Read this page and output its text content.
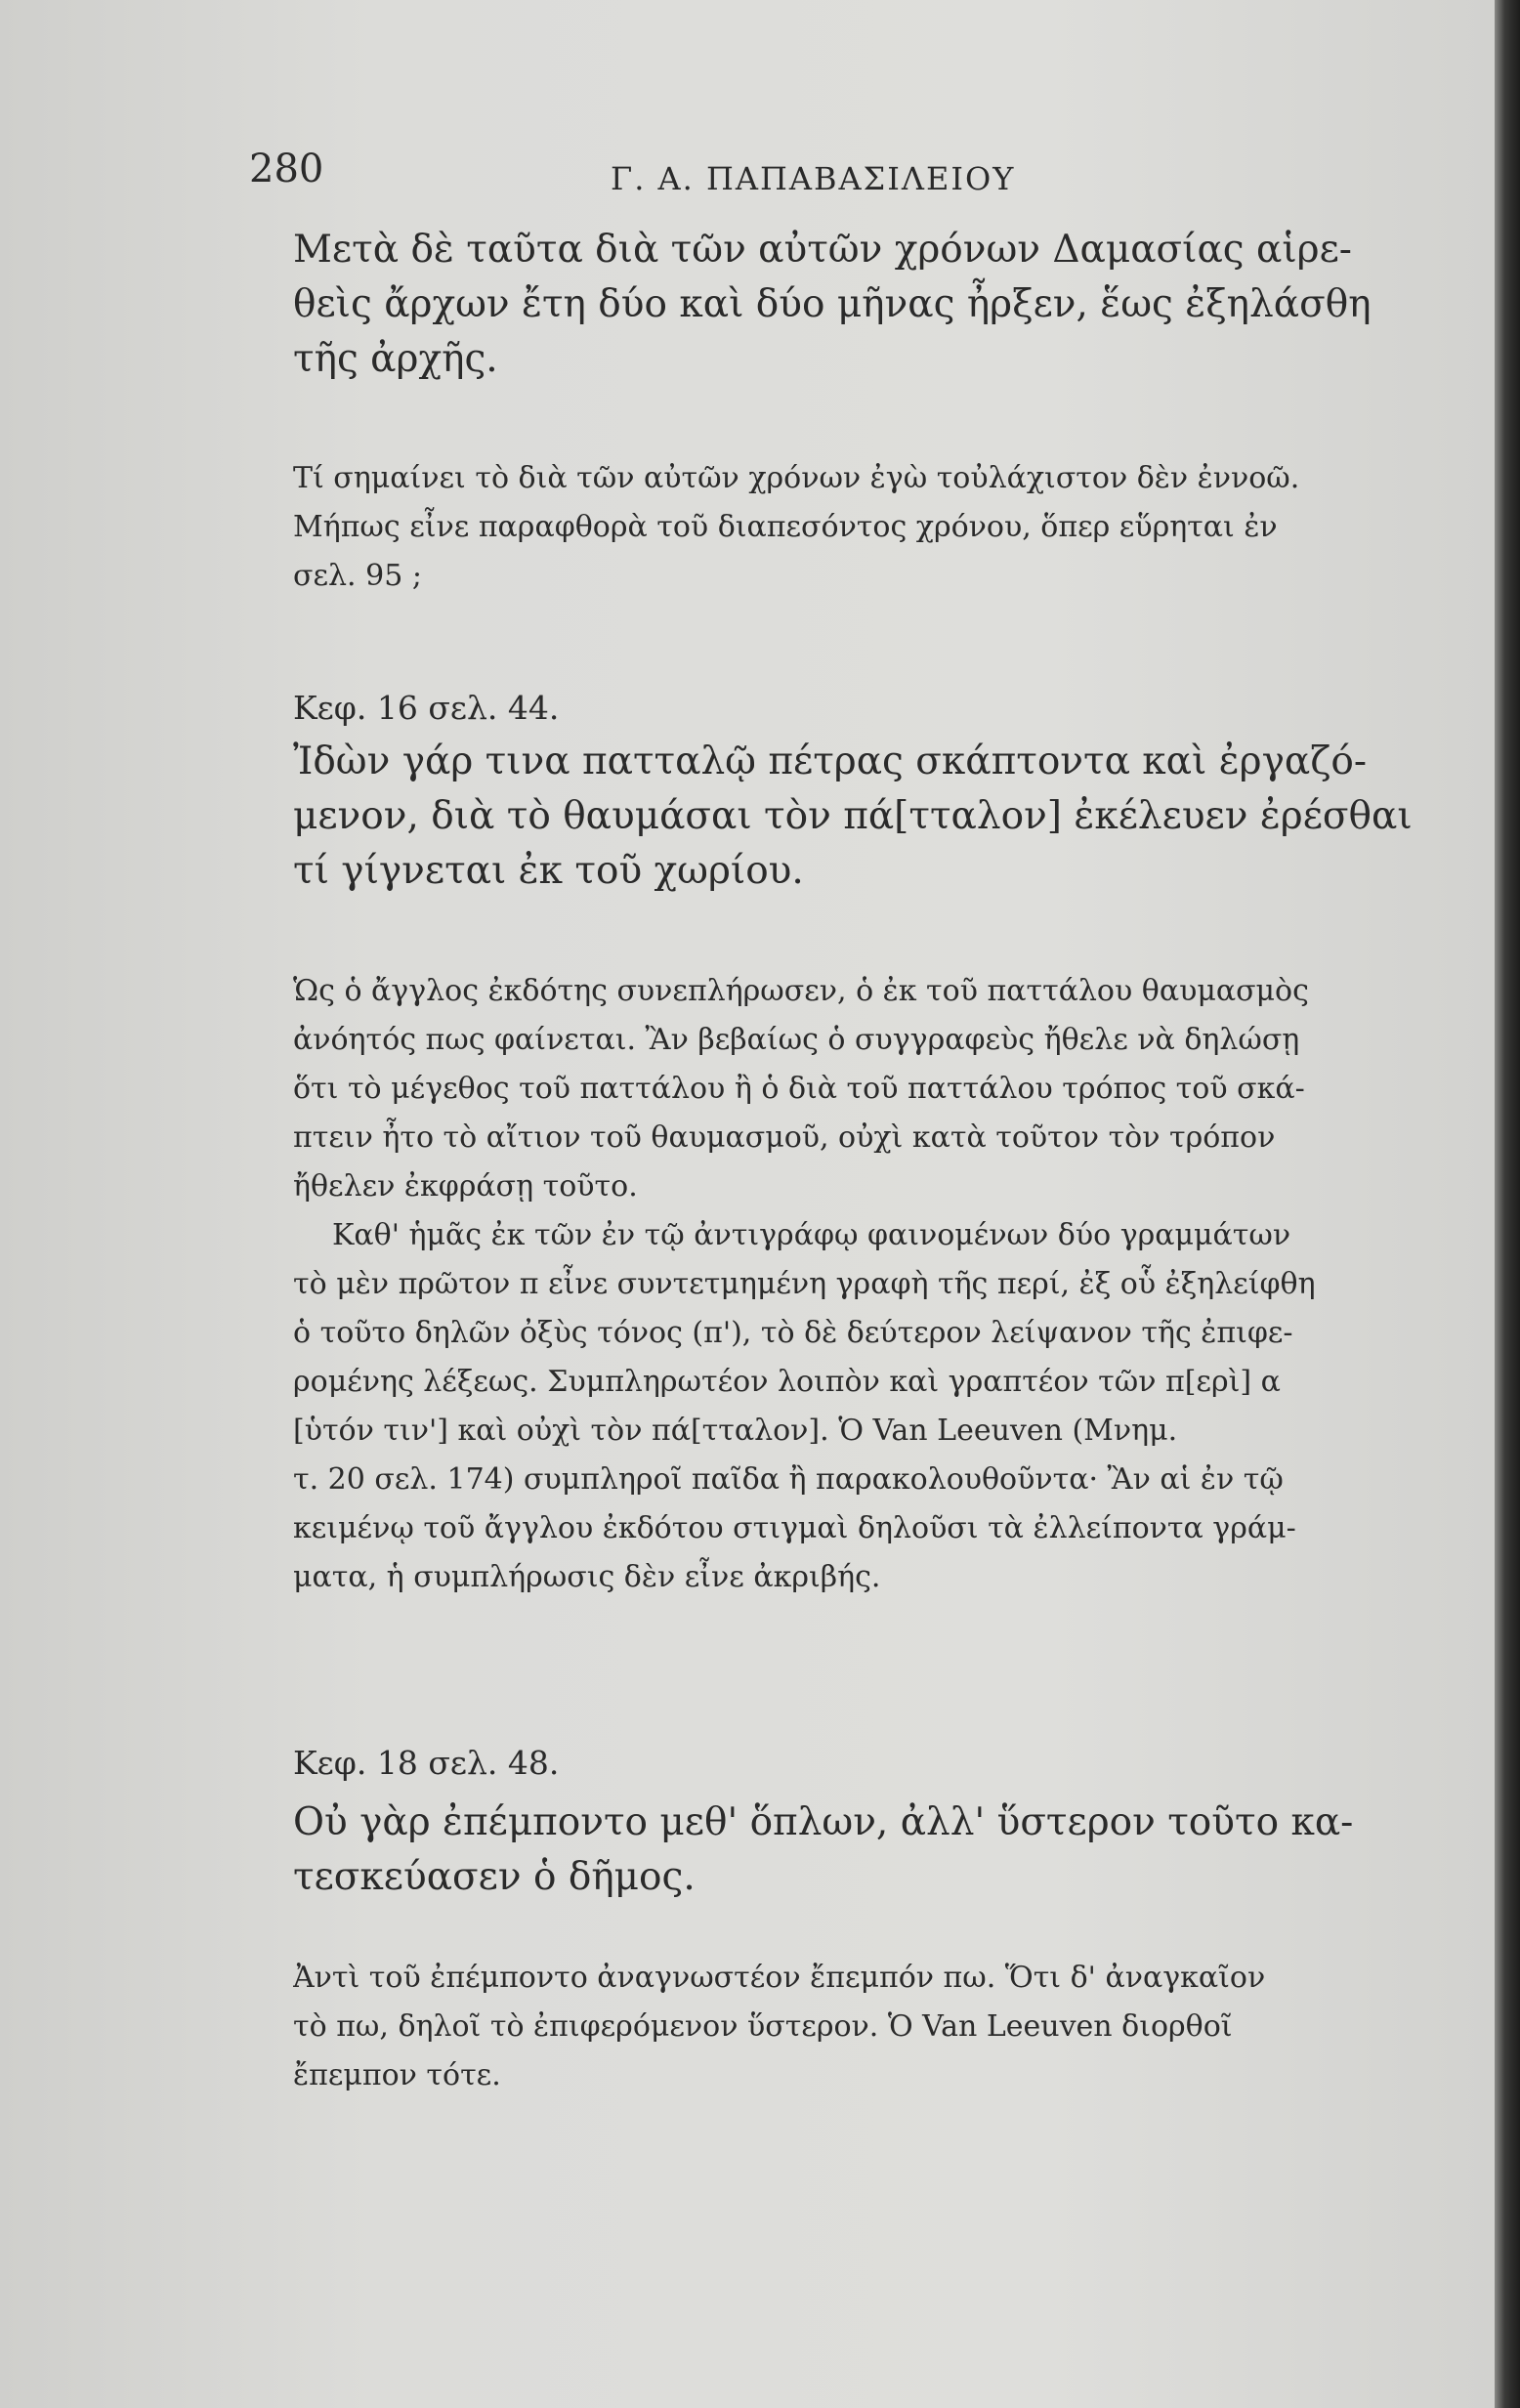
280	Γ. Α. ΠΑΠΑΒΑΣΙΛΕΙΟΥ

Μετὰ δὲ ταῦτα διὰ τῶν αὐτῶν χρόνων Δαμασίας αἱρε-
θεὶς ἄρχων ἔτη δύο καὶ δύο μῆνας ἦρξεν, ἕως ἐξηλάσθη
τῆς ἀρχῆς.

Τί σημαίνει τὸ διὰ τῶν αὐτῶν χρόνων ἐγὼ τοὐλάχιστον δὲν ἐννοῶ.
Μήπως εἶνε παραφθορὰ τοῦ διαπεσόντος χρόνου, ὅπερ εὕρηται ἐν
σελ. 95 ;

Κεφ. 16 σελ. 44.

Ἰδὼν γάρ τινα πατταλῷ πέτρας σκάπτοντα καὶ ἐργαζό-
μενον, διὰ τὸ θαυμάσαι τὸν πά[τταλον] ἐκέλευεν ἐρέσθαι
τί γίγνεται ἐκ τοῦ χωρίου.

Ὡς ὁ ἄγγλος ἐκδότης συνεπλήρωσεν, ὁ ἐκ τοῦ παττάλου θαυμασμὸς
ἀνόητός πως φαίνεται. Ἂν βεβαίως ὁ συγγραφεὺς ἤθελε νὰ δηλώσῃ
ὅτι τὸ μέγεθος τοῦ παττάλου ἢ ὁ διὰ τοῦ παττάλου τρόπος τοῦ σκά-
πτειν ἦτο τὸ αἴτιον τοῦ θαυμασμοῦ, οὐχὶ κατὰ τοῦτον τὸν τρόπον
ἤθελεν ἐκφράσῃ τοῦτο.
Καθ' ἡμᾶς ἐκ τῶν ἐν τῷ ἀντιγράφῳ φαινομένων δύο γραμμάτων
τὸ μὲν πρῶτον π εἶνε συντετμημένη γραφὴ τῆς περί, ἐξ οὗ ἐξηλείφθη
ὁ τοῦτο δηλῶν ὀξὺς τόνος (π'), τὸ δὲ δεύτερον λείψανον τῆς ἐπιφε-
ρομένης λέξεως. Συμπληρωτέον λοιπὸν καὶ γραπτέον τῶν π[ερὶ] α
[ὑτόν τιν'] καὶ οὐχὶ τὸν πά[τταλον]. Ὁ Van Leeuven (Μνημ.
τ. 20 σελ. 174) συμπληροῖ παῖδα ἢ παρακολουθοῦντα· Ἂν αἱ ἐν τῷ
κειμένῳ τοῦ ἄγγλου ἐκδότου στιγμαὶ δηλοῦσι τὰ ἐλλείποντα γράμ-
ματα, ἡ συμπλήρωσις δὲν εἶνε ἀκριβής.

Κεφ. 18 σελ. 48.

Οὐ γὰρ ἐπέμποντο μεθ' ὅπλων, ἀλλ' ὕστερον τοῦτο κα-
τεσκεύασεν ὁ δῆμος.

Ἀντὶ τοῦ ἐπέμποντο ἀναγνωστέον ἔπεμπόν πω. Ὅτι δ' ἀναγκαῖον
τὸ πω, δηλοῖ τὸ ἐπιφερόμενον ὕστερον. Ὁ Van Leeuven διορθοῖ
ἔπεμπον τότε.
